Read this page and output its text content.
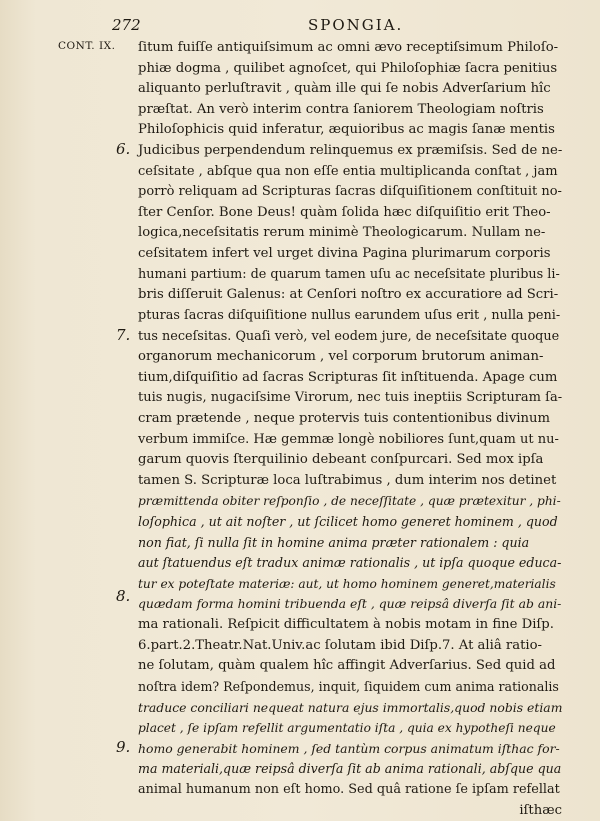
272	SPONGIA.
CONT. IX.
6.
7.
8.
9.
ſitum fuiſſe antiquiſsimum ac omni ævo receptiſsimum Philoſo-
phiæ dogma , quilibet agnoſcet, qui Philoſophiæ ſacra penitius
aliquanto perluſtravit , quàm ille qui ſe nobis Adverſarium hîc
præſtat. An verò interim contra ſaniorem Theologiam noſtris
Philoſophicis quid inferatur, æquioribus ac magis ſanæ mentis
Judicibus perpendendum relinquemus ex præmiſsis. Sed de ne-
ceſsitate , abſque qua non eſſe entia multiplicanda conſtat , jam
porrò reliquam ad Scripturas ſacras diſquiſitionem conſtituit no-
ſter Cenſor. Bone Deus! quàm ſolida hæc diſquiſitio erit Theo-
logica,neceſsitatis rerum minimè Theologicarum. Nullam ne-
ceſsitatem infert vel urget divina Pagina plurimarum corporis
humani partium: de quarum tamen uſu ac neceſsitate pluribus li-
bris diſſeruit Galenus: at Cenſori noſtro ex accuratiore ad Scri-
pturas ſacras diſquiſitione nullus earundem uſus erit , nulla peni-
tus neceſsitas. Quaſi verò, vel eodem jure, de neceſsitate quoque
organorum mechanicorum , vel corporum brutorum animan-
tium,diſquiſitio ad ſacras Scripturas ſit inſtituenda. Apage cum
tuis nugis, nugaciſsime Virorum, nec tuis ineptiis Scripturam ſa-
cram prætende , neque protervis tuis contentionibus divinum
verbum immiſce. Hæ gemmæ longè nobiliores ſunt,quam ut nu-
garum quovis ſterquilinio debeant conſpurcari. Sed mox ipſa
tamen S. Scripturæ loca luſtrabimus , dum interim nos detinet
præmittenda obiter reſponſio , de neceſſitate , quæ prætexitur , phi-
loſophica , ut ait noſter , ut ſcilicet homo generet hominem , quod
non fiat, ſi nulla ſit in homine anima præter rationalem : quia
aut ſtatuendus eſt tradux animæ rationalis , ut ipſa quoque educa-
tur ex poteſtate materiæ: aut, ut homo hominem generet,materialis
quædam forma homini tribuenda eſt , quæ reipsâ diverſa ſit ab ani-
ma rationali. Reſpicit difficultatem à nobis motam in fine Diſp.
6.part.2.Theatr.Nat.Univ.ac ſolutam ibid Diſp.7. At aliâ ratio-
ne ſolutam, quàm qualem hîc affingit Adverſarius. Sed quid ad
noſtra idem? Reſpondemus, inquit, ſiquidem cum anima rationalis
traduce conciliari nequeat natura ejus immortalis,quod nobis etiam
placet , ſe ipſam refellit argumentatio iſta , quia ex hypotheſi neque
homo generabit hominem , ſed tantùm corpus animatum iſthac for-
ma materiali,quæ reipsâ diverſa ſit ab anima rationali, abſque qua
animal humanum non eſt homo. Sed quâ ratione ſe ipſam refellat
iſthæc
